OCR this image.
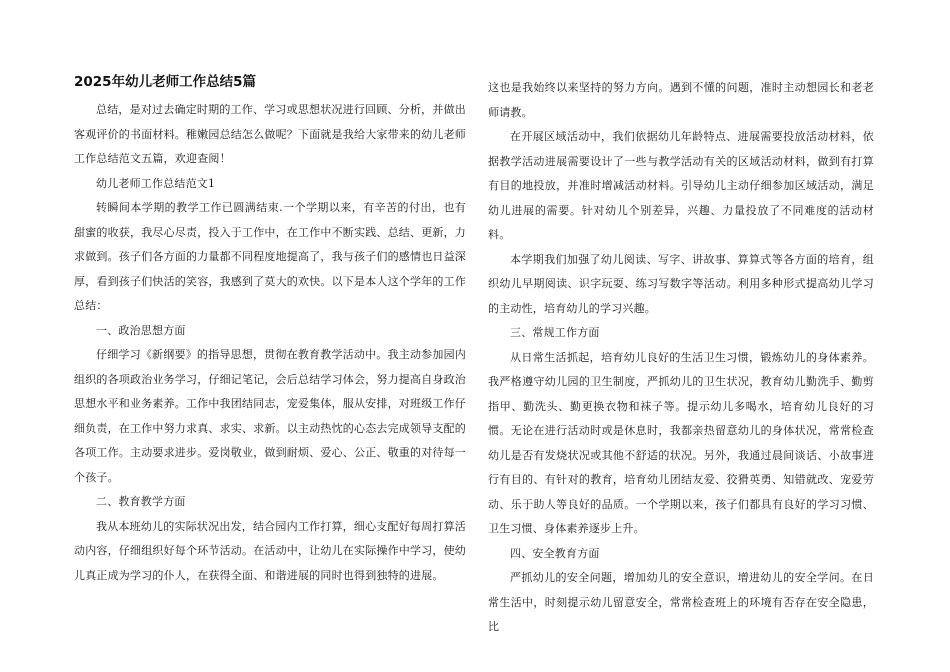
2025年幼儿老师工作总结5篇

总结，是对过去确定时期的工作、学习或思想状况进行回顾、分析，并做出客观评价的书面材料。稚嫩园总结怎么做呢？下面就是我给大家带来的幼儿老师工作总结范文五篇，欢迎查阅！

幼儿老师工作总结范文1

转瞬间本学期的教学工作已圆满结束.一个学期以来，有辛苦的付出，也有甜蜜的收获，我尽心尽责，投入于工作中，在工作中不断实践、总结、更新，力求做到。孩子们各方面的力量都不同程度地提高了，我与孩子们的感情也日益深厚，看到孩子们快活的笑容，我感到了莫大的欢快。以下是本人这个学年的工作总结：

一、政治思想方面

仔细学习《新纲要》的指导思想，贯彻在教育教学活动中。我主动参加园内组织的各项政治业务学习，仔细记笔记，会后总结学习体会，努力提高自身政治思想水平和业务素养。工作中我团结同志，宠爱集体，服从安排，对班级工作仔细负责，在工作中努力求真、求实、求新。以主动热忱的心态去完成领导支配的各项工作。主动要求进步。爱岗敬业，做到耐烦、爱心、公正、敬重的对待每一个孩子。

二、教育教学方面

我从本班幼儿的实际状况出发，结合园内工作打算，细心支配好每周打算活动内容，仔细组织好每个环节活动。在活动中，让幼儿在实际操作中学习，使幼儿真正成为学习的仆人，在获得全面、和谐进展的同时也得到独特的进展。

这也是我始终以来坚持的努力方向。遇到不懂的问题，准时主动想园长和老老师请教。

在开展区域活动中，我们依据幼儿年龄特点、进展需要投放活动材料，依据教学活动进展需要设计了一些与教学活动有关的区域活动材料，做到有打算有目的地投放，并准时增减活动材料。引导幼儿主动仔细参加区域活动，满足幼儿进展的需要。针对幼儿个别差异，兴趣、力量投放了不同难度的活动材料。

本学期我们加强了幼儿阅读、写字、讲故事、算算式等各方面的培育，组织幼儿早期阅读、识字玩耍、练习写数字等活动。利用多种形式提高幼儿学习的主动性，培育幼儿的学习兴趣。

三、常规工作方面

从日常生活抓起，培育幼儿良好的生活卫生习惯，锻炼幼儿的身体素养。我严格遵守幼儿园的卫生制度，严抓幼儿的卫生状况，教育幼儿勤洗手、勤剪指甲、勤洗头、勤更换衣物和袜子等。提示幼儿多喝水，培育幼儿良好的习惯。无论在进行活动时或是休息时，我都亲热留意幼儿的身体状况，常常检查幼儿是否有发烧状况或其他不舒适的状况。另外，我通过晨间谈话、小故事进行有目的、有针对的教育，培育幼儿团结友爱、狡猾英勇、知错就改、宠爱劳动、乐于助人等良好的品质。一个学期以来，孩子们都具有良好的学习习惯、卫生习惯、身体素养逐步上升。

四、安全教育方面

严抓幼儿的安全问题，增加幼儿的安全意识，增进幼儿的安全学问。在日常生活中，时刻提示幼儿留意安全，常常检查班上的环境有否存在安全隐患，比
